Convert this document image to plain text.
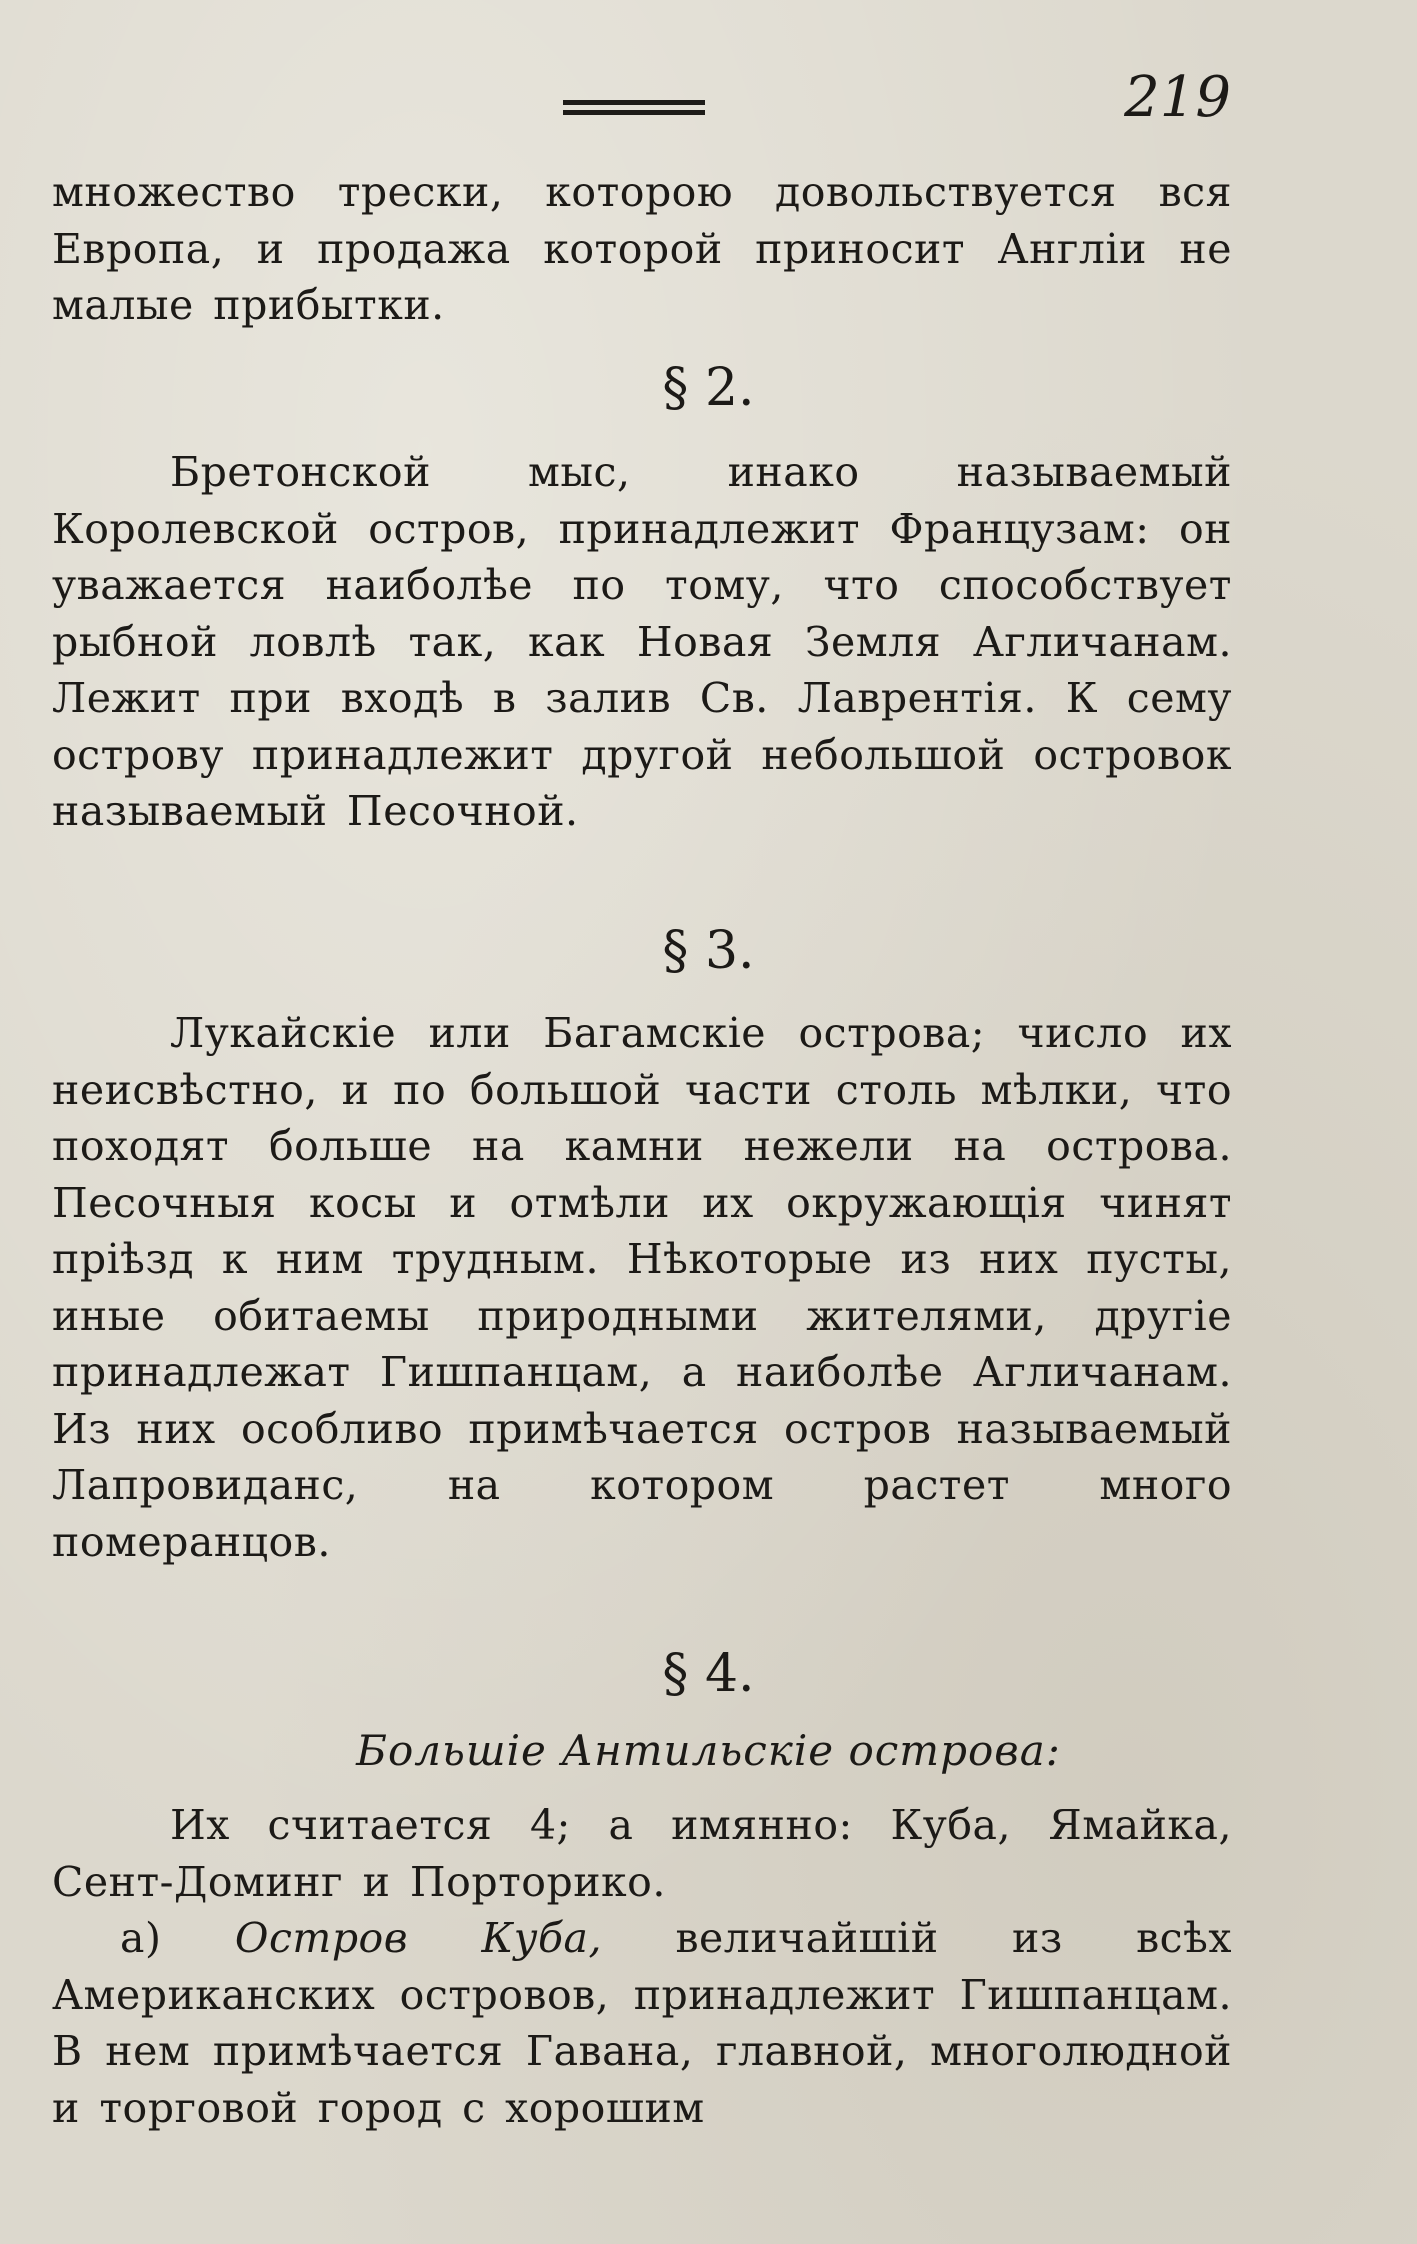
219

множество трески, которою довольствуется вся Европа, и продажа которой приносит Англіи не малые прибытки.

§ 2.

Бретонской мыс, инако называемый Королевской остров, принадлежит Французам: он уважается наиболѣе по тому, что способствует рыбной ловлѣ так, как Новая Земля Агличанам. Лежит при входѣ в залив Св. Лаврентія. К сему острову принадлежит другой небольшой островок называемый Песочной.

§ 3.

Лукайскіе или Багамскіе острова; число их неисвѣстно, и по большой части столь мѣлки, что походят больше на камни нежели на острова. Песочныя косы и отмѣли их окружающія чинят пріѣзд к ним трудным. Нѣкоторые из них пусты, иные обитаемы природными жителями, другіе принадлежат Гишпанцам, а наиболѣе Агличанам. Из них особливо примѣчается остров называемый Лапровиданс, на котором растет много померанцов.

§ 4.
Большіе Антильскіе острова:

Их считается 4; а имянно: Куба, Ямайка, Сент-Доминг и Порторико.

а) Остров Куба, величайшій из всѣх Американских островов, принадлежит Гишпанцам. В нем примѣчается Гавана, главной, многолюдной и торговой город с хорошим
